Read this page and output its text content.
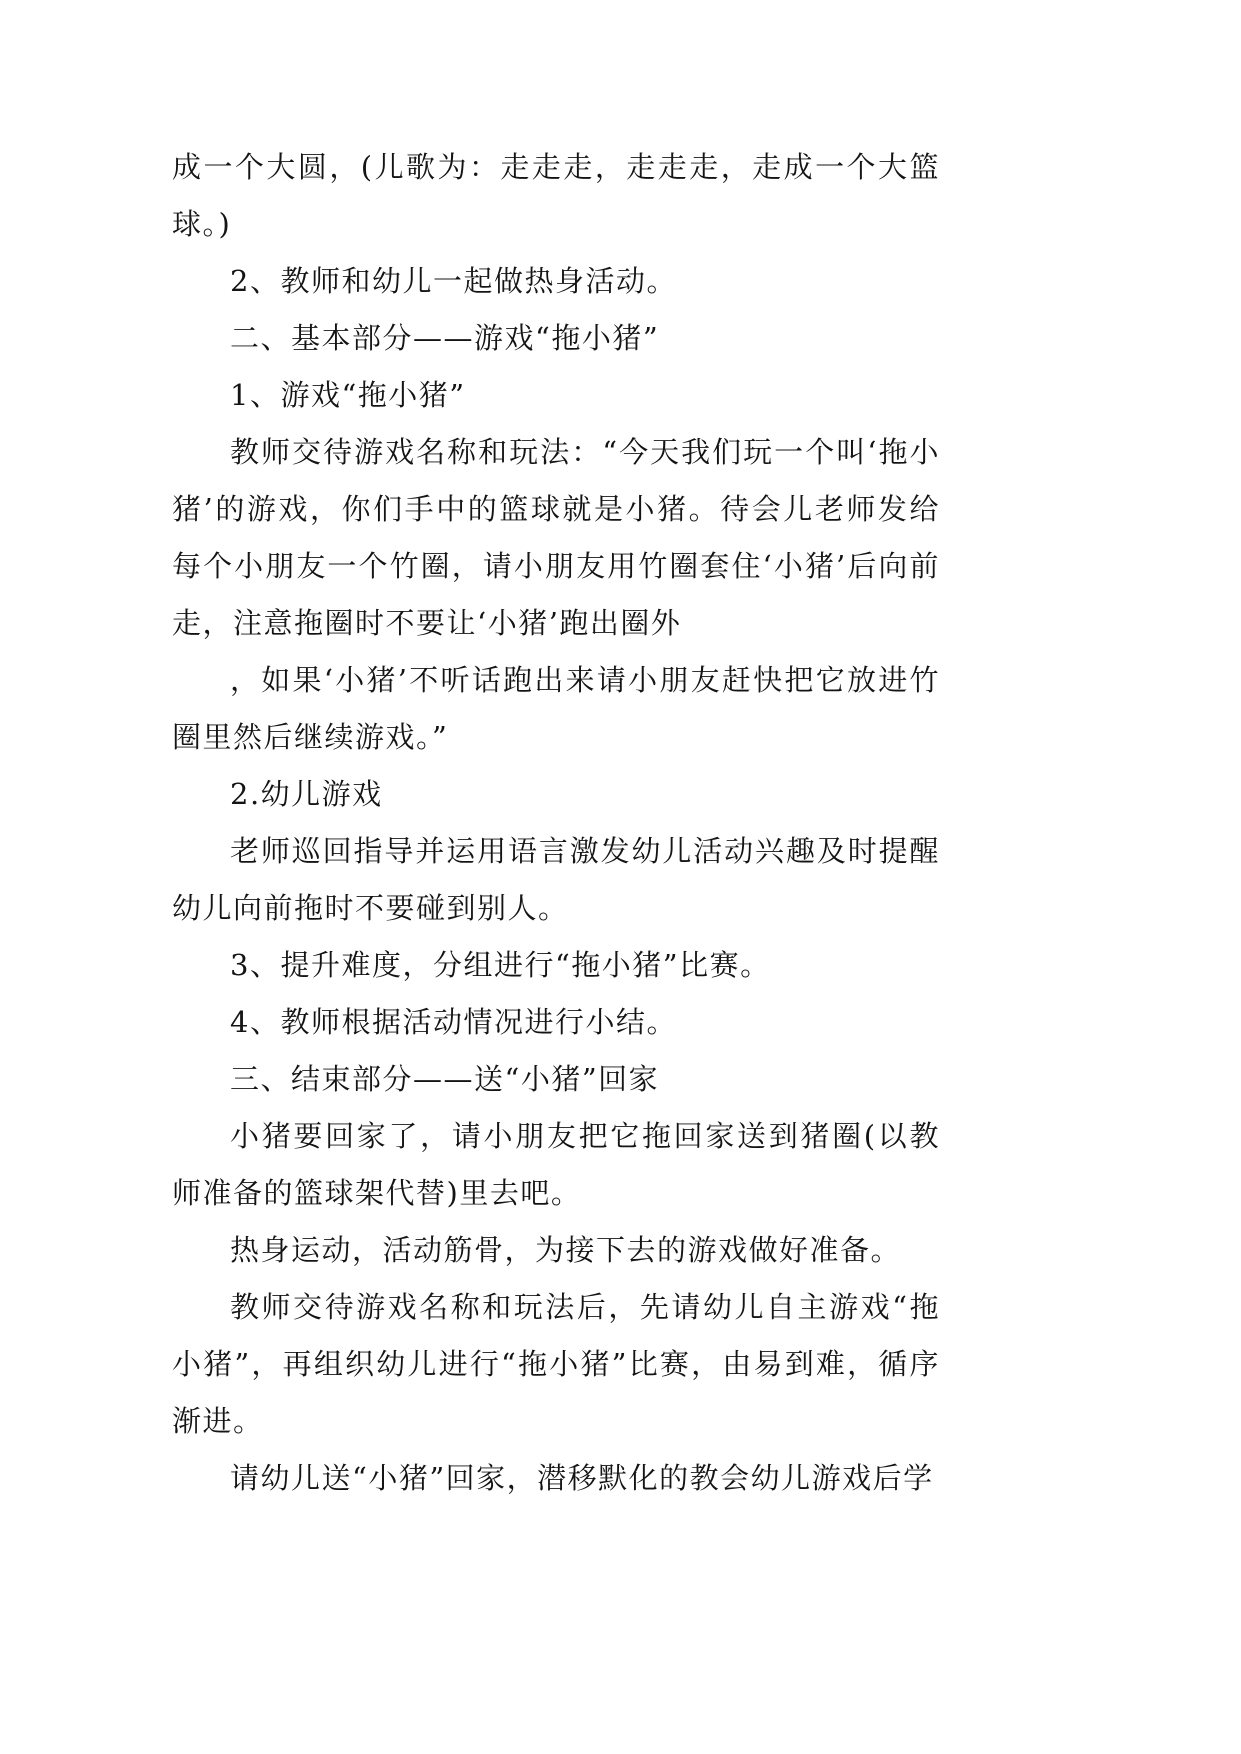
成一个大圆，(儿歌为：走走走，走走走，走成一个大篮球。)

2、教师和幼儿一起做热身活动。

二、基本部分——游戏“拖小猪”

1、游戏“拖小猪”

教师交待游戏名称和玩法：“今天我们玩一个叫‘拖小猪’的游戏，你们手中的篮球就是小猪。待会儿老师发给每个小朋友一个竹圈，请小朋友用竹圈套住‘小猪’后向前走，注意拖圈时不要让‘小猪’跑出圈外

，如果‘小猪’不听话跑出来请小朋友赶快把它放进竹圈里然后继续游戏。”

2.幼儿游戏

老师巡回指导并运用语言激发幼儿活动兴趣及时提醒幼儿向前拖时不要碰到别人。

3、提升难度，分组进行“拖小猪”比赛。

4、教师根据活动情况进行小结。

三、结束部分——送“小猪”回家

小猪要回家了，请小朋友把它拖回家送到猪圈(以教师准备的篮球架代替)里去吧。

热身运动，活动筋骨，为接下去的游戏做好准备。

教师交待游戏名称和玩法后，先请幼儿自主游戏“拖小猪”，再组织幼儿进行“拖小猪”比赛，由易到难，循序渐进。

请幼儿送“小猪”回家，潜移默化的教会幼儿游戏后学
